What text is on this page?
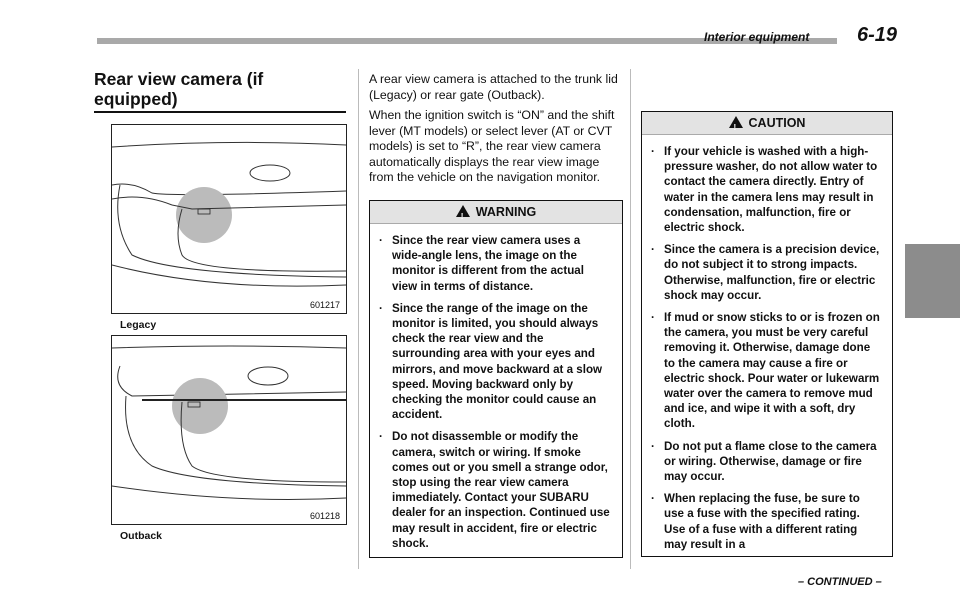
Interior equipment 6-19
Rear view camera (if equipped)
601217
Legacy
601218
Outback

A rear view camera is attached to the trunk lid (Legacy) or rear gate (Outback).

When the ignition switch is “ON” and the shift lever (MT models) or select lever (AT or CVT models) is set to “R”, the rear view camera automatically displays the rear view image from the vehicle on the navigation monitor.

!WARNING
. Since the rear view camera uses a wide-angle lens, the image on the monitor is different from the actual view in terms of distance.
. Since the range of the image on the monitor is limited, you should always check the rear view and the surrounding area with your eyes and mirrors, and move backward at a slow speed. Moving backward only by checking the monitor could cause an accident.
. Do not disassemble or modify the camera, switch or wiring. If smoke comes out or you smell a strange odor, stop using the rear view camera immediately. Contact your SUBARU dealer for an inspection. Continued use may result in accident, fire or electric shock.
!CAUTION
. If your vehicle is washed with a high-pressure washer, do not allow water to contact the camera directly. Entry of water in the camera lens may result in condensation, malfunction, fire or electric shock.
. Since the camera is a precision device, do not subject it to strong impacts. Otherwise, malfunction, fire or electric shock may occur.
. If mud or snow sticks to or is frozen on the camera, you must be very careful removing it. Otherwise, damage done to the camera may cause a fire or electric shock. Pour water or lukewarm water over the camera to remove mud and ice, and wipe it with a soft, dry cloth.
. Do not put a flame close to the camera or wiring. Otherwise, damage or fire may occur.
. When replacing the fuse, be sure to use a fuse with the specified rating. Use of a fuse with a different rating may result in a
– CONTINUED –
